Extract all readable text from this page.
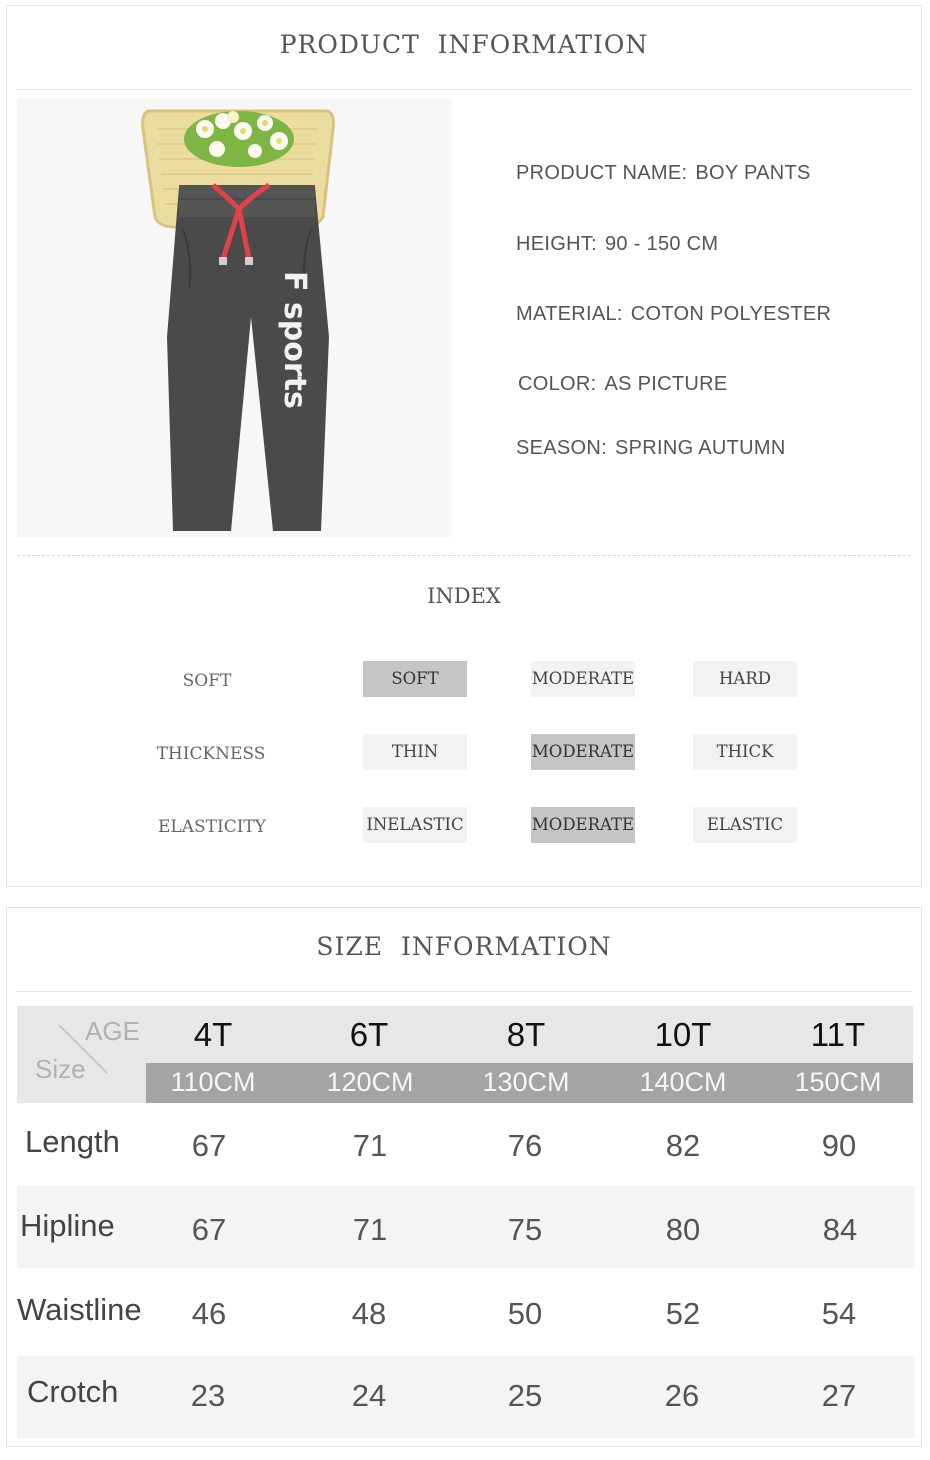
PRODUCT  INFORMATION
F sports
PRODUCT NAME: BOY PANTS
HEIGHT: 90 - 150 CM
MATERIAL: COTON POLYESTER
COLOR: AS PICTURE
SEASON: SPRING AUTUMN
INDEX
SOFT	SOFT	MODERATE	HARD
THICKNESS	THIN	MODERATE	THICK
ELASTICITY	INELASTIC	MODERATE	ELASTIC
SIZE  INFORMATION
AGE
Size
4T	6T	8T	10T	11T
110CM	120CM	130CM	140CM	150CM
Length	67	71	76	82	90
Hipline	67	71	75	80	84
Waistline	46	48	50	52	54
Crotch	23	24	25	26	27
